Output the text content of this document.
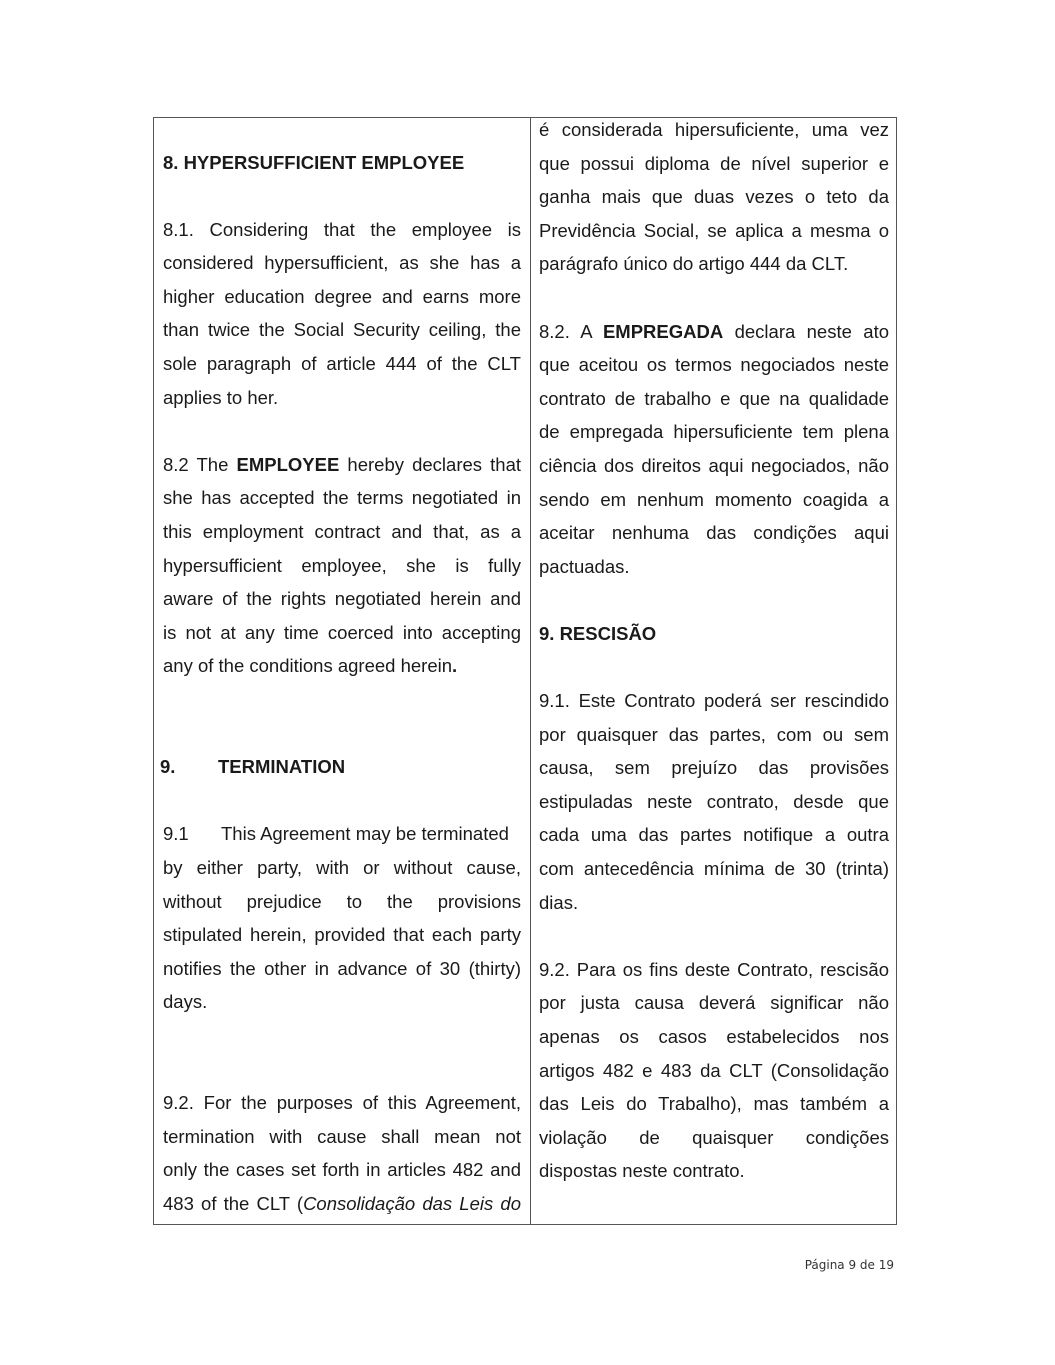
8. HYPERSUFFICIENT EMPLOYEE
8.1. Considering that the employee is
considered hypersufficient, as she has a
higher education degree and earns more
than twice the Social Security ceiling, the
sole paragraph of article 444 of the CLT
applies to her.
8.2 The EMPLOYEE hereby declares that
she has accepted the terms negotiated in
this employment contract and that, as a
hypersufficient employee, she is fully
aware of the rights negotiated herein and
is not at any time coerced into accepting
any of the conditions agreed herein.
9. TERMINATION
9.1 This Agreement may be terminated
by either party, with or without cause,
without prejudice to the provisions
stipulated herein, provided that each party
notifies the other in advance of 30 (thirty)
days.
9.2. For the purposes of this Agreement,
termination with cause shall mean not
only the cases set forth in articles 482 and
483 of the CLT (Consolidação das Leis do
é considerada hipersuficiente, uma vez
que possui diploma de nível superior e
ganha mais que duas vezes o teto da
Previdência Social, se aplica a mesma o
parágrafo único do artigo 444 da CLT.
8.2. A EMPREGADA declara neste ato
que aceitou os termos negociados neste
contrato de trabalho e que na qualidade
de empregada hipersuficiente tem plena
ciência dos direitos aqui negociados, não
sendo em nenhum momento coagida a
aceitar nenhuma das condições aqui
pactuadas.
9. RESCISÃO
9.1. Este Contrato poderá ser rescindido
por quaisquer das partes, com ou sem
causa, sem prejuízo das provisões
estipuladas neste contrato, desde que
cada uma das partes notifique a outra
com antecedência mínima de 30 (trinta)
dias.
9.2. Para os fins deste Contrato, rescisão
por justa causa deverá significar não
apenas os casos estabelecidos nos
artigos 482 e 483 da CLT (Consolidação
das Leis do Trabalho), mas também a
violação de quaisquer condições
dispostas neste contrato.
Página 9 de 19
